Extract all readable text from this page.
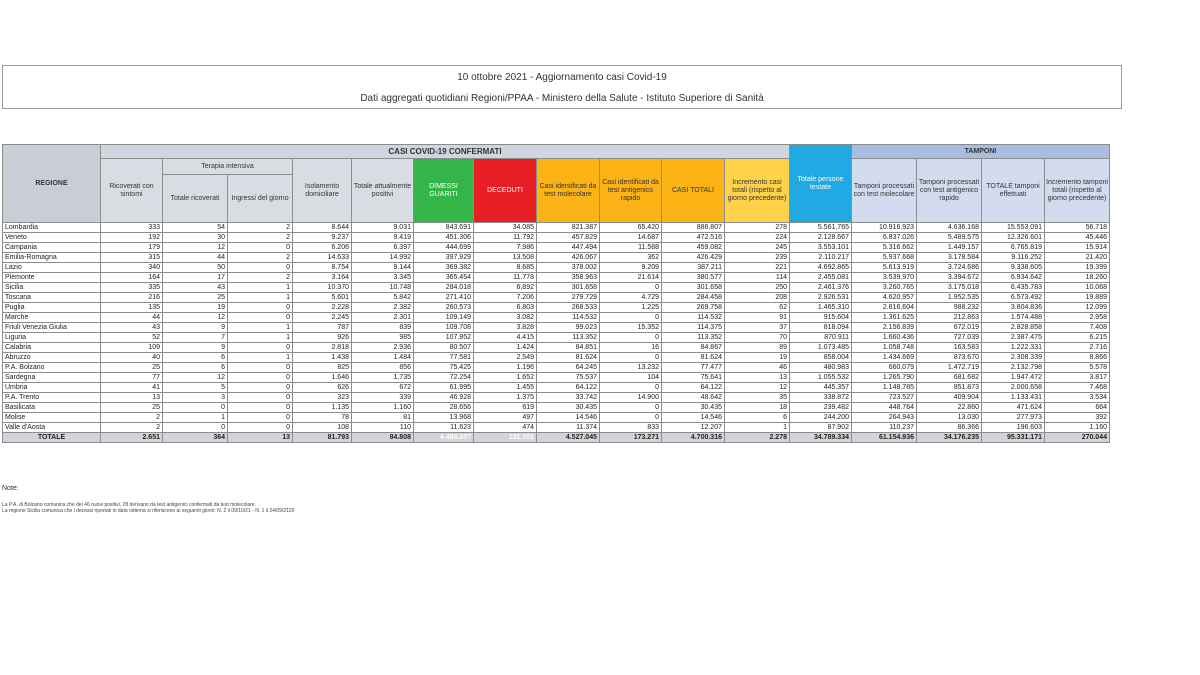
10 ottobre 2021 - Aggiornamento casi Covid-19
Dati aggregati quotidiani Regioni/PPAA - Ministero della Salute - Istituto Superiore di Sanità
REGIONE	CASI COVID-19 CONFERMATI											Totale persone testate	TAMPONI			
	Ricoverati con sintomi	Terapia intensiva		Isolamento domiciliare	Totale attualmente positivi	DIMESSI GUARITI	DECEDUTI	Casi identificati da test molecolare	Casi identificati da test antigenico rapido	CASI TOTALI	Incremento casi totali (rispetto al giorno precedente)		Tamponi processati con test molecolare	Tamponi processati con test antigenico rapido	TOTALE tamponi effettuati	Incremento tamponi totali (rispetto al giorno precedente)
		Totale ricoverati	Ingressi del giorno													
Lombardia	333	54	2	8.644	9.031	843.691	34.085	821.387	65.420	886.807	278	5.561.765	10.916.923	4.636.168	15.553.091	56.718
Veneto	192	30	2	9.237	9.419	451.306	11.792	457.829	14.687	472.516	224	2.128.667	6.837.026	5.489.575	12.326.601	45.446
Campania	179	12	0	6.206	6.397	444.699	7.986	447.494	11.588	459.082	245	3.553.101	5.316.662	1.449.157	6.765.819	15.914
Emilia-Romagna	315	44	2	14.633	14.992	397.929	13.508	426.067	362	426.429	239	2.110.217	5.937.668	3.178.584	9.116.252	21.420
Lazio	340	50	0	8.754	9.144	369.382	8.685	378.002	9.209	387.211	221	4.692.865	5.613.919	3.724.686	9.338.605	19.399
Piemonte	164	17	2	3.164	3.345	365.454	11.778	358.963	21.614	380.577	114	2.455.081	3.539.970	3.394.672	6.934.642	18.260
Sicilia	335	43	1	10.370	10.748	284.018	6.892	301.658	0	301.658	250	2.461.376	3.260.765	3.175.018	6.435.783	10.068
Toscana	216	25	1	5.601	5.842	271.410	7.206	279.729	4.729	284.458	208	2.926.531	4.620.957	1.952.535	6.573.492	19.889
Puglia	135	19	0	2.228	2.382	260.573	6.803	268.533	1.225	269.758	62	1.465.310	2.816.604	988.232	3.804.836	12.099
Marche	44	12	0	2.245	2.301	109.149	3.082	114.532	0	114.532	91	915.604	1.361.625	212.863	1.574.488	2.958
Friuli Venezia Giulia	43	9	1	787	839	109.708	3.828	99.023	15.352	114.375	37	818.094	2.156.839	672.019	2.828.858	7.408
Liguria	52	7	1	926	985	107.952	4.415	113.352	0	113.352	70	870.911	1.660.436	727.039	2.387.475	6.215
Calabria	109	9	0	2.818	2.936	80.507	1.424	84.851	16	84.867	89	1.073.485	1.058.748	163.583	1.222.331	2.716
Abruzzo	40	6	1	1.438	1.484	77.581	2.549	81.624	0	81.624	19	858.004	1.434.669	873.670	2.308.339	8.866
P.A. Bolzano	25	6	0	825	856	75.425	1.196	64.245	13.232	77.477	46	480.983	660.079	1.472.719	2.132.798	5.578
Sardegna	77	12	0	1.646	1.735	72.254	1.652	75.537	104	75.641	13	1.055.532	1.265.790	681.682	1.947.472	3.817
Umbria	41	5	0	626	672	61.995	1.455	64.122	0	64.122	12	445.357	1.148.785	851.873	2.000.658	7.468
P.A. Trento	13	3	0	323	339	46.928	1.375	33.742	14.900	48.642	35	338.872	723.527	409.904	1.133.431	3.534
Basilicata	25	0	0	1.135	1.160	28.656	619	30.435	0	30.435	18	239.482	448.764	22.860	471.624	664
Molise	2	1	0	78	81	13.968	497	14.546	0	14.546	6	244.200	264.943	13.030	277.973	392
Valle d'Aosta	2	0	0	108	110	11.623	474	11.374	833	12.207	1	87.902	110.237	86.366	196.603	1.160
TOTALE	2.651	364	13	81.793	84.808	4.484.207	131.301	4.527.045	173.271	4.700.316	2.278	34.789.334	61.154.936	34.176.235	95.331.171	270.044
Note:
La P.A. di Bolzano comunica che dei 46 nuovi positivi, 28 derivano da test antigenici confermati da test molecolare.
La regione Sicilia comunica che i decessi riportati in data odierna si riferiscono ai seguenti giorni: N. 2 il 09/10/21 - N. 1 il 24/09/2120
